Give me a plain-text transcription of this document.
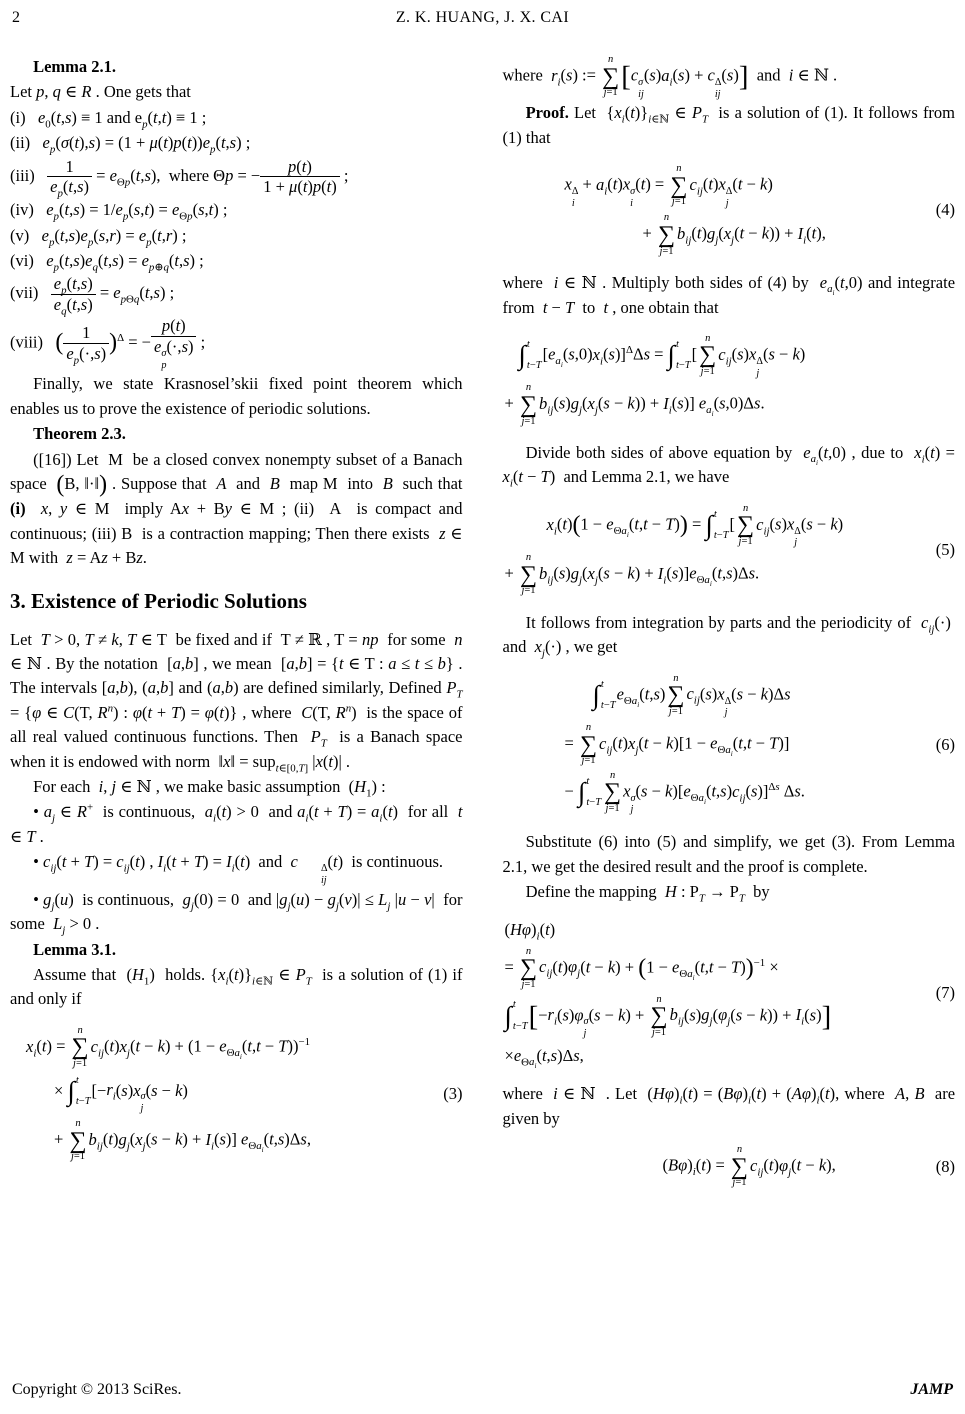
2	Z. K. HUANG, J. X. CAI

Lemma 2.1.

Let p, q ∈ R . One gets that

(i)   $e_0(t,s) \equiv 1$ and $e_p(t,t) \equiv 1$ ;
(ii)   $e_p(\sigma(t),s) = (1 + \mu(t)p(t))e_p(t,s)$ ;
$(iii) \frac{1}{e_p(t,s)} = e_{\Theta p}(t,s)$,  where Θp = − $\frac{p(t)}{1 + \mu(t)p(t)}$ ;
(iv)   $e_p(t,s) = 1/e_p(s,t) = e_{\Theta p}(s,t)$ ;
(v)   $e_p(t,s)e_p(s,r) = e_p(t,r)$ ;
(vi)   $e_p(t,s)e_q(t,s) = e_{p\oplus q}(t,s)$ ;
$(vii) \frac{e_p(t,s)}{e_q(t,s)} = e_{p\Theta q}(t,s)$ ;
(viii)   ( $\frac{1}{e_p(\cdot,s)} )^\Delta$ = −
p(t)
e σ
p
(·,s) ;

Finally, we state Krasnosel’skii fixed point theorem which enables us to prove the existence of periodic solutions.

Theorem 2.3.

([16]) Let  M  be a closed convex nonempty subset of a Banach space  (B, ‖·‖) . Suppose that  A  and  B  map M  into  B  such that (i) x, y ∈ M  imply Ax + By ∈ M ; (ii)  A  is compact and continuous; (iii) B  is a contraction mapping; Then there exists  z ∈ M with  z = Az + Bz.

3. Existence of Periodic Solutions

Let  T > 0, T ≠ k, T ∈ T  be fixed and if  T ≠ ℝ , T = np  for some  n ∈ ℕ . By the notation  [a,b] , we mean  [a,b] = {t ∈ T : a ≤ t ≤ b} . The intervals [a,b), (a,b] and (a,b) are defined similarly, Defined $P_T = \{\varphi$ ∈ C(T, $R^n$) : φ(t + T) = φ(t)} , where  C(T, $R^n$)  is the space of all real valued continuous functions. Then  $P_T$  is a Banach space when it is endowed with norm  ‖x‖ = sup$_{t\in[0,T]}$ |x(t)| .

For each  i, j ∈ ℕ , we make basic assumption  $(H_1)$ :

• $a_j$ ∈ R+  is continuous,  $a_i(t) > 0$  and $a_i(t + T) = a_i(t)$  for all  t ∈ T .

• $c_{ij}(t + T) = c_{ij}(t)$ , $I_i(t + T) = I_i(t)$  and  c	Δ
ij
(t)  is continuous.

• $g_j(u)$  is continuous,  $g_j(0) = 0$  and $|g_j(u) - g_j(v)| \le L_j$ |u − v|  for some  $L_j > 0$ .

Lemma 3.1.

Assume that  $(H_1)$  holds. $\{x_i(t)\}_{i\in ℕ}$ ∈ $P_T$  is a solution of (1) if and only if

$x_i(t)$ =
n
∑
j=1
$c_{ij}(t)x_j(t - k) + (1 - e_{\Theta a_i}(t,t - T))^{-1}$
× ∫ t
t−T
[$-r_i(s)x$ σ
j
(s − k)
+
n
∑
j=1
$b_{ij}(t)g_j(x_j(s - k) + I_i(s)]$ $e_{\Theta a_i}(t,s)\Delta s$,
(3)

where  $r_i(s)$ :=
n
∑
j=1
[c σ
ij
$(s)a_i(s) + c$ Δ
ij
(s)]  and  i ∈ ℕ .

Proof. Let  $\{x_i(t)\}_{i\in ℕ}$ ∈ $P_T$  is a solution of (1). It follows from (1) that

x Δ
i
+ $a_i(t)x$ σ
i
(t) =
n
∑
j=1
$c_{ij}(t)x$ Δ
j
(t − k)
+
n
∑
j=1
$b_{ij}(t)g_j(x_j(t - k)) + I_i(t)$,
(4)

where  i ∈ ℕ . Multiply both sides of (4) by  $e_{a_i}(t,0)$ and integrate from  t − T  to  t , one obtain that

∫ t
t−T
$[e_{a_i}(s,0)x_i(s)]^\Delta\Delta s$ = ∫ t
t−T
[
n
∑
j=1
$c_{ij}(s)x$ Δ
j
(s − k)
+
n
∑
j=1
$b_{ij}(s)g_j(x_j(s - k)) + I_i(s)$] $e_{a_i}(s,0)\Delta s$.

Divide both sides of above equation by  $e_{a_i}(t,0)$ , due to  $x_i(t) = x_i(t - T)$  and Lemma 2.1, we have

$x_i(t)(1 - e_{\Theta a_i}(t,t - T))$ = ∫ t
t−T
[
n
∑
j=1
$c_{ij}(s)x$ Δ
j
(s − k)
+
n
∑
j=1
$b_{ij}(s)g_j(x_j(s - k) + I_i(s)]e_{\Theta a_i}(t,s)\Delta s$.
(5)

It follows from integration by parts and the periodicity of  $c_{ij}(\cdot)$  and  $x_j(\cdot)$ , we get

∫ t
t−T
$e_{\Theta a_i}(t,s)$
n
∑
j=1
$c_{ij}(s)x$ Δ
j
(s − k)Δs
=
n
∑
j=1
$c_{ij}(t)x_j(t - k)[1 - e_{\Theta a_i}(t,t - T)]$
− ∫ t
t−T
n
∑
j=1
x σ
j
$(s - k)[e_{\Theta a_i}(t,s)c_{ij}(s)]^{\Delta s}$ Δs.
(6)

Substitute (6) into (5) and simplify, we get (3). From Lemma 2.1, we get the desired result and the proof is complete.

Define the mapping  H : $P_T \to P_T$  by

$(H\varphi)_i(t)$
=
n
∑
j=1
$c_{ij}(t)\varphi_j(t - k) + (1 - e_{\Theta a_i}(t,t - T))^{-1}$ ×
∫ t
t−T [$-r_i(s)\varphi$ σ
j
(s − k) +
n
∑
j=1
$b_{ij}(s)g_j(\varphi_j(s - k)) + I_i(s)$]
$\times e_{\Theta a_i}(t,s)\Delta s$,
(7)

where  i ∈ ℕ  . Let  $(H\varphi)_i(t) = (B\varphi)_i(t) + (A\varphi)_i(t)$, where  A, B  are given by

$(B\varphi)_i(t)$ =
n
∑
j=1
$c_{ij}(t)\varphi_j(t - k)$,	(8)
Copyright © 2013 SciRes.	JAMP
